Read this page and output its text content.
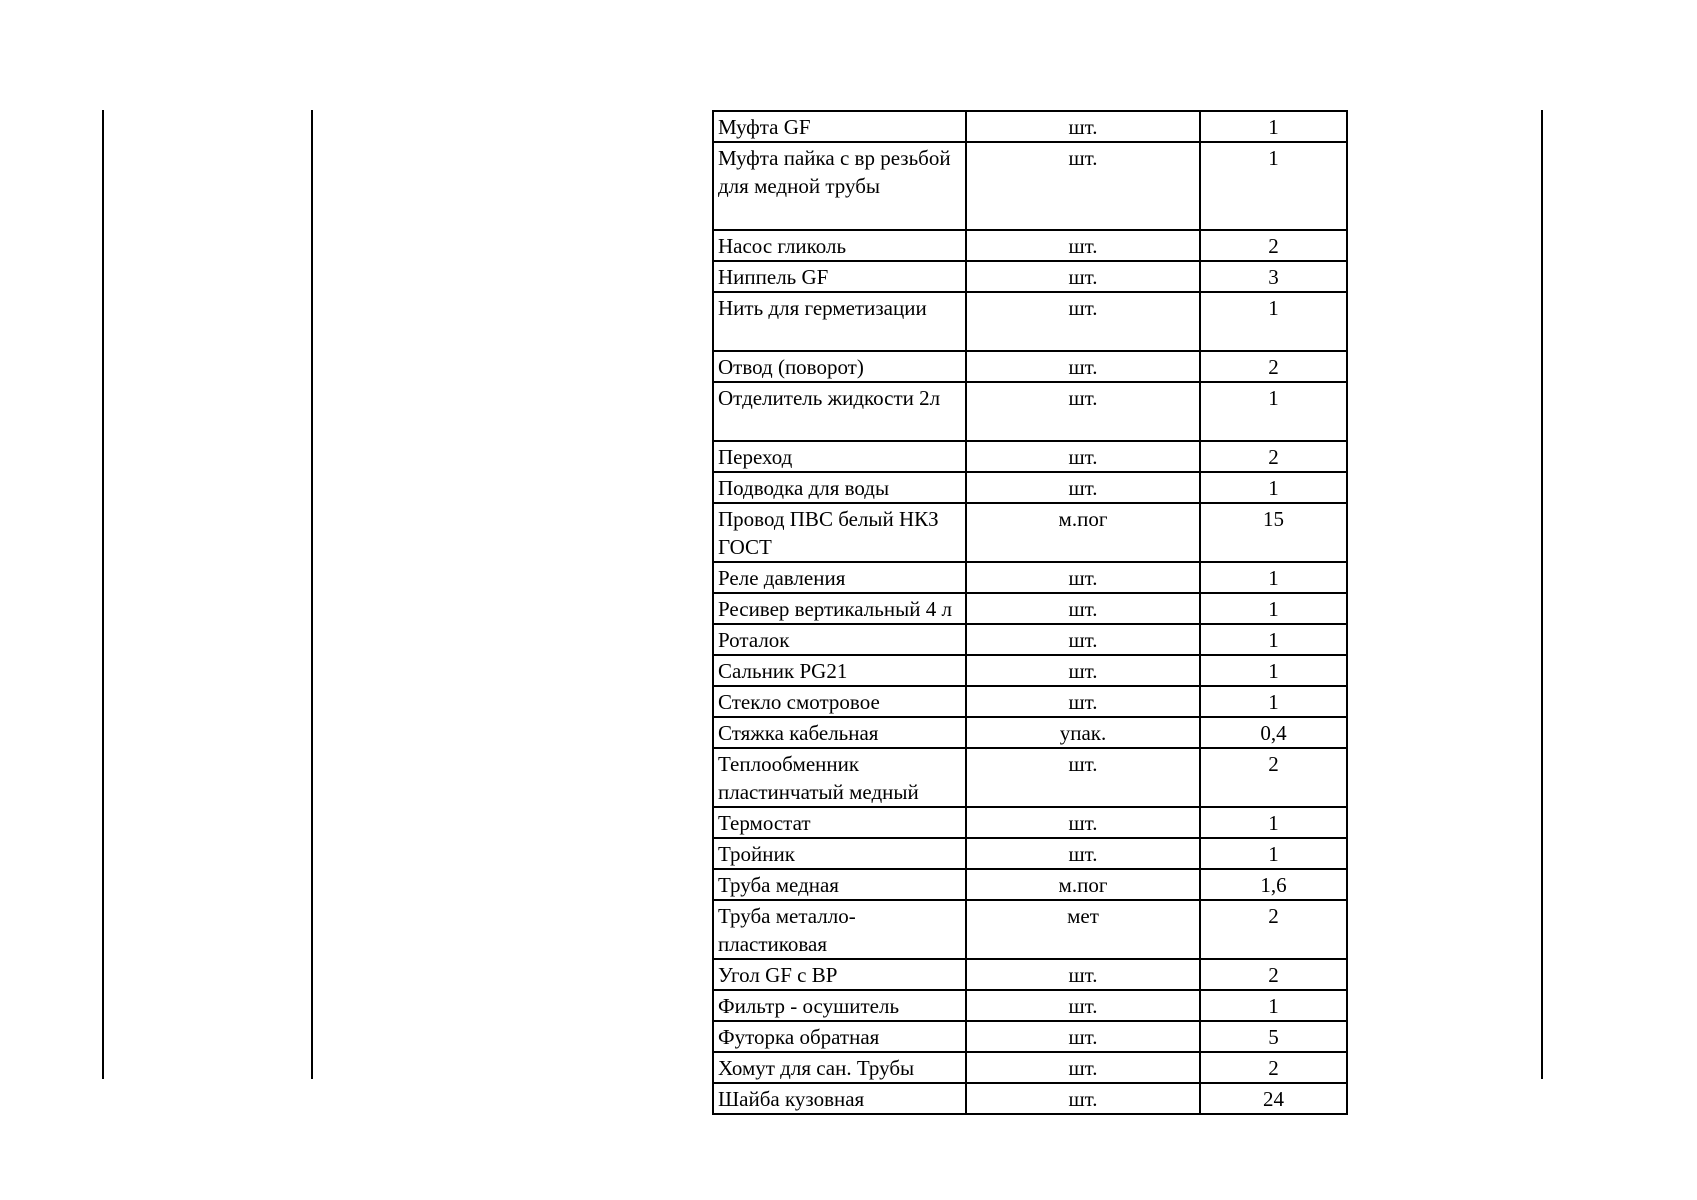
Муфта GF	шт.	1
Муфта пайка с вр резьбой для медной трубы	шт.	1
Насос гликоль	шт.	2
Ниппель GF	шт.	3
Нить для герметизации	шт.	1
Отвод (поворот)	шт.	2
Отделитель жидкости 2л	шт.	1
Переход	шт.	2
Подводка для воды	шт.	1
Провод ПВС белый НКЗ ГОСТ	м.пог	15
Реле давления	шт.	1
Ресивер вертикальный 4 л	шт.	1
Роталок	шт.	1
Сальник PG21	шт.	1
Стекло смотровое	шт.	1
Стяжка кабельная	упак.	0,4
Теплообменник пластинчатый медный	шт.	2
Термостат	шт.	1
Тройник	шт.	1
Труба медная	м.пог	1,6
Труба металло-пластиковая	мет	2
Угол GF с ВР	шт.	2
Фильтр - осушитель	шт.	1
Футорка обратная	шт.	5
Хомут для сан. Трубы	шт.	2
Шайба кузовная	шт.	24
